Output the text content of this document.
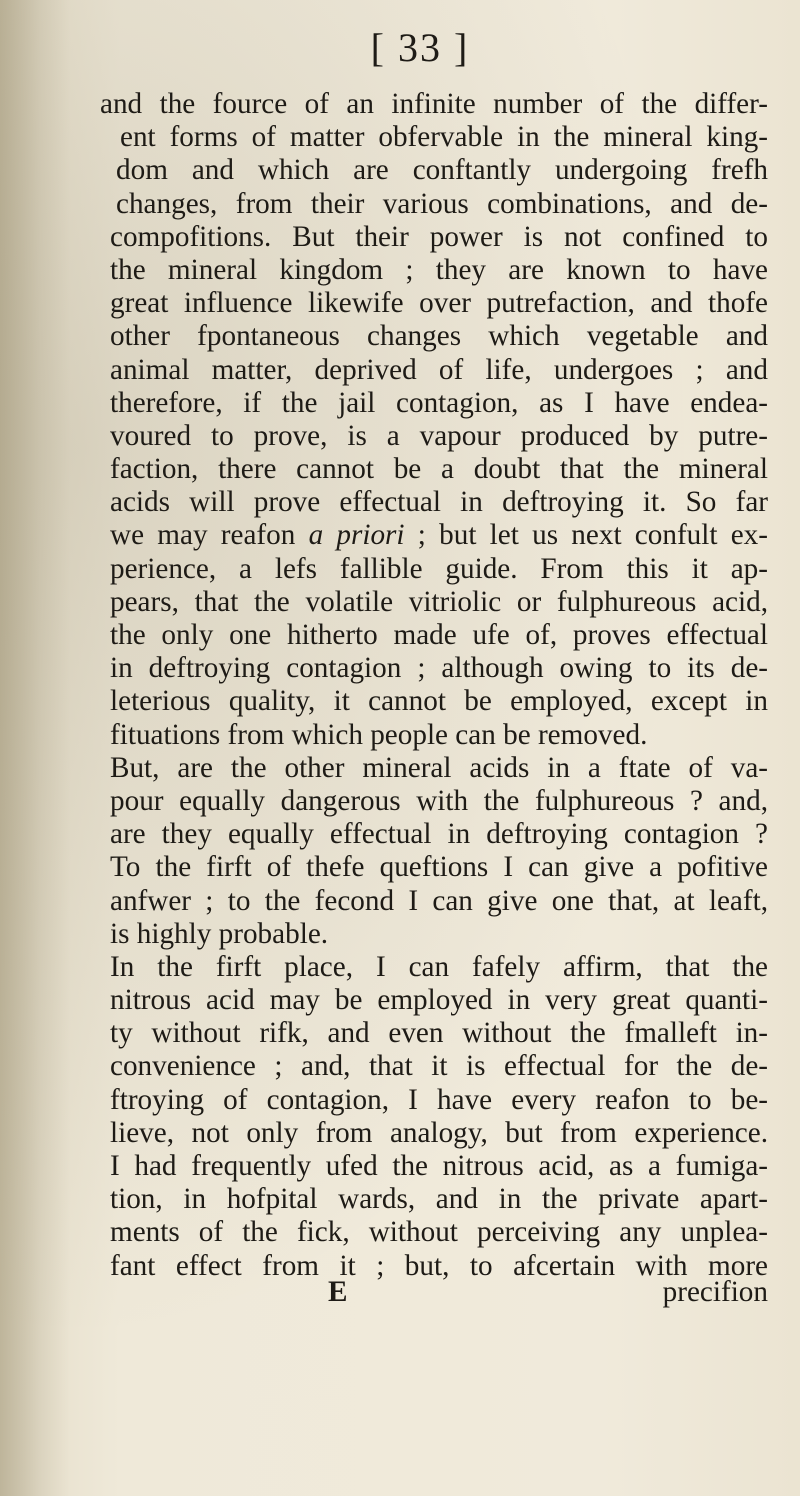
[ 33 ]
and the fource of an infinite number of the differ-
ent forms of matter obfervable in the mineral king-
dom and which are conftantly undergoing frefh
changes, from their various combinations, and de-
compofitions. But their power is not confined to
the mineral kingdom ; they are known to have
great influence likewife over putrefaction, and thofe
other fpontaneous changes which vegetable and
animal matter, deprived of life, undergoes ; and
therefore, if the jail contagion, as I have endea-
voured to prove, is a vapour produced by putre-
faction, there cannot be a doubt that the mineral
acids will prove effectual in deftroying it. So far
we may reafon a priori ; but let us next confult ex-
perience, a lefs fallible guide. From this it ap-
pears, that the volatile vitriolic or fulphureous acid,
the only one hitherto made ufe of, proves effectual
in deftroying contagion ; although owing to its de-
leterious quality, it cannot be employed, except in
fituations from which people can be removed.
But, are the other mineral acids in a ftate of va-
pour equally dangerous with the fulphureous ? and,
are they equally effectual in deftroying contagion ?
To the firft of thefe queftions I can give a pofitive
anfwer ; to the fecond I can give one that, at leaft,
is highly probable.
In the firft place, I can fafely affirm, that the
nitrous acid may be employed in very great quanti-
ty without rifk, and even without the fmalleft in-
convenience ; and, that it is effectual for the de-
ftroying of contagion, I have every reafon to be-
lieve, not only from analogy, but from experience.
I had frequently ufed the nitrous acid, as a fumiga-
tion, in hofpital wards, and in the private apart-
ments of the fick, without perceiving any unplea-
fant effect from it ; but, to afcertain with more
E	precifion
